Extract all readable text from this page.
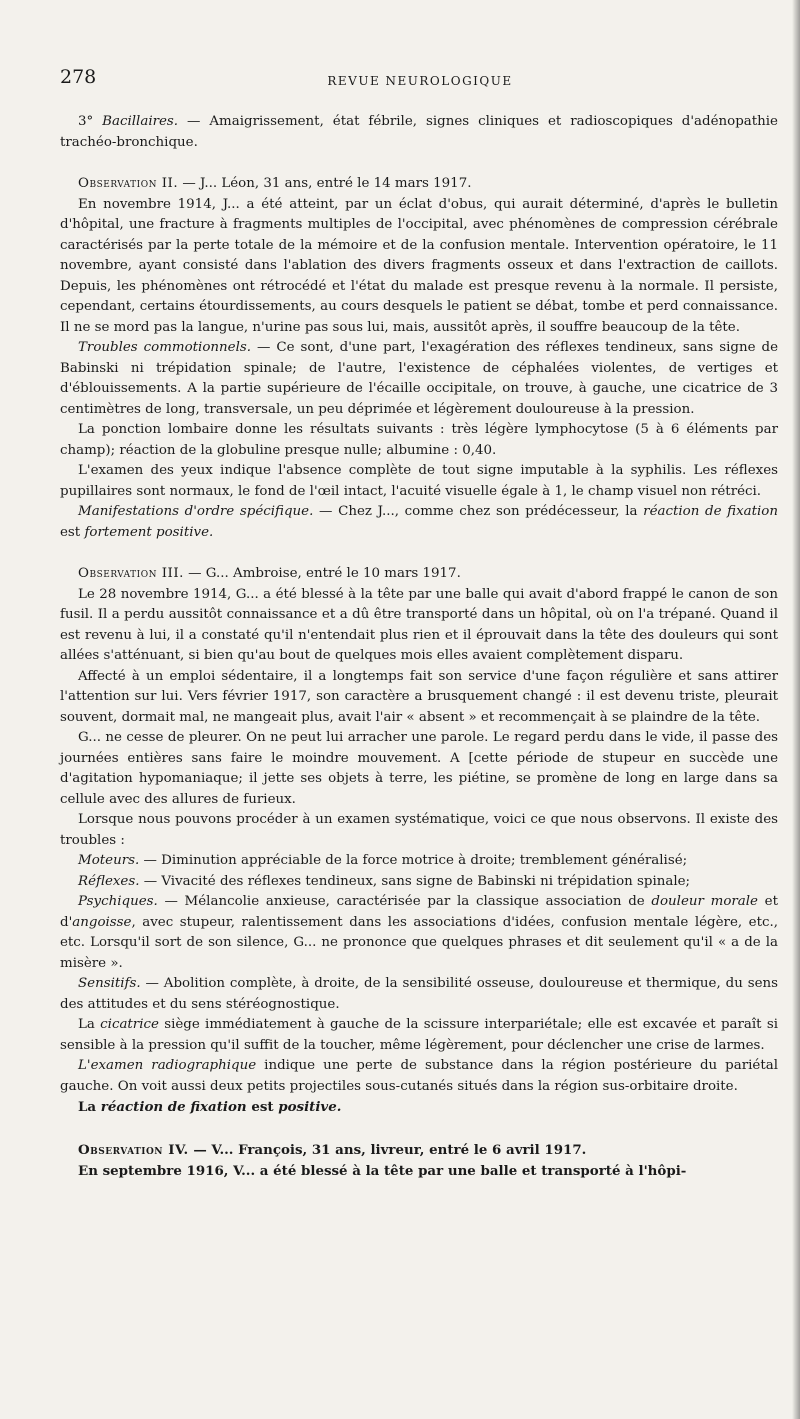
278	REVUE NEUROLOGIQUE

3° Bacillaires. — Amaigrissement, état fébrile, signes cliniques et radioscopiques d'adénopathie trachéo-bronchique.

Observation II. — J... Léon, 31 ans, entré le 14 mars 1917.

En novembre 1914, J... a été atteint, par un éclat d'obus, qui aurait déterminé, d'après le bulletin d'hôpital, une fracture à fragments multiples de l'occipital, avec phénomènes de compression cérébrale caractérisés par la perte totale de la mémoire et de la confusion mentale. Intervention opératoire, le 11 novembre, ayant consisté dans l'ablation des divers fragments osseux et dans l'extraction de caillots. Depuis, les phénomènes ont rétrocédé et l'état du malade est presque revenu à la normale. Il persiste, cependant, certains étourdissements, au cours desquels le patient se débat, tombe et perd connaissance. Il ne se mord pas la langue, n'urine pas sous lui, mais, aussitôt après, il souffre beaucoup de la tête.

Troubles commotionnels. — Ce sont, d'une part, l'exagération des réflexes tendineux, sans signe de Babinski ni trépidation spinale; de l'autre, l'existence de céphalées violentes, de vertiges et d'éblouissements. A la partie supérieure de l'écaille occipitale, on trouve, à gauche, une cicatrice de 3 centimètres de long, transversale, un peu déprimée et légèrement douloureuse à la pression.

La ponction lombaire donne les résultats suivants : très légère lymphocytose (5 à 6 éléments par champ); réaction de la globuline presque nulle; albumine : 0,40.

L'examen des yeux indique l'absence complète de tout signe imputable à la syphilis. Les réflexes pupillaires sont normaux, le fond de l'œil intact, l'acuité visuelle égale à 1, le champ visuel non rétréci.

Manifestations d'ordre spécifique. — Chez J..., comme chez son prédécesseur, la réaction de fixation est fortement positive.

Observation III. — G... Ambroise, entré le 10 mars 1917.

Le 28 novembre 1914, G... a été blessé à la tête par une balle qui avait d'abord frappé le canon de son fusil. Il a perdu aussitôt connaissance et a dû être transporté dans un hôpital, où on l'a trépané. Quand il est revenu à lui, il a constaté qu'il n'entendait plus rien et il éprouvait dans la tête des douleurs qui sont allées s'atténuant, si bien qu'au bout de quelques mois elles avaient complètement disparu.

Affecté à un emploi sédentaire, il a longtemps fait son service d'une façon régulière et sans attirer l'attention sur lui. Vers février 1917, son caractère a brusquement changé : il est devenu triste, pleurait souvent, dormait mal, ne mangeait plus, avait l'air « absent » et recommençait à se plaindre de la tête.

G... ne cesse de pleurer. On ne peut lui arracher une parole. Le regard perdu dans le vide, il passe des journées entières sans faire le moindre mouvement. A [cette période de stupeur en succède une d'agitation hypomaniaque; il jette ses objets à terre, les piétine, se promène de long en large dans sa cellule avec des allures de furieux.

Lorsque nous pouvons procéder à un examen systématique, voici ce que nous observons. Il existe des troubles :

Moteurs. — Diminution appréciable de la force motrice à droite; tremblement généralisé;

Réflexes. — Vivacité des réflexes tendineux, sans signe de Babinski ni trépidation spinale;

Psychiques. — Mélancolie anxieuse, caractérisée par la classique association de douleur morale et d'angoisse, avec stupeur, ralentissement dans les associations d'idées, confusion mentale légère, etc., etc. Lorsqu'il sort de son silence, G... ne prononce que quelques phrases et dit seulement qu'il « a de la misère ».

Sensitifs. — Abolition complète, à droite, de la sensibilité osseuse, douloureuse et thermique, du sens des attitudes et du sens stéréognostique.

La cicatrice siège immédiatement à gauche de la scissure interpariétale; elle est excavée et paraît si sensible à la pression qu'il suffit de la toucher, même légèrement, pour déclencher une crise de larmes.

L'examen radiographique indique une perte de substance dans la région postérieure du pariétal gauche. On voit aussi deux petits projectiles sous-cutanés situés dans la région sus-orbitaire droite.

La réaction de fixation est positive.

Observation IV. — V... François, 31 ans, livreur, entré le 6 avril 1917.

En septembre 1916, V... a été blessé à la tête par une balle et transporté à l'hôpi-
